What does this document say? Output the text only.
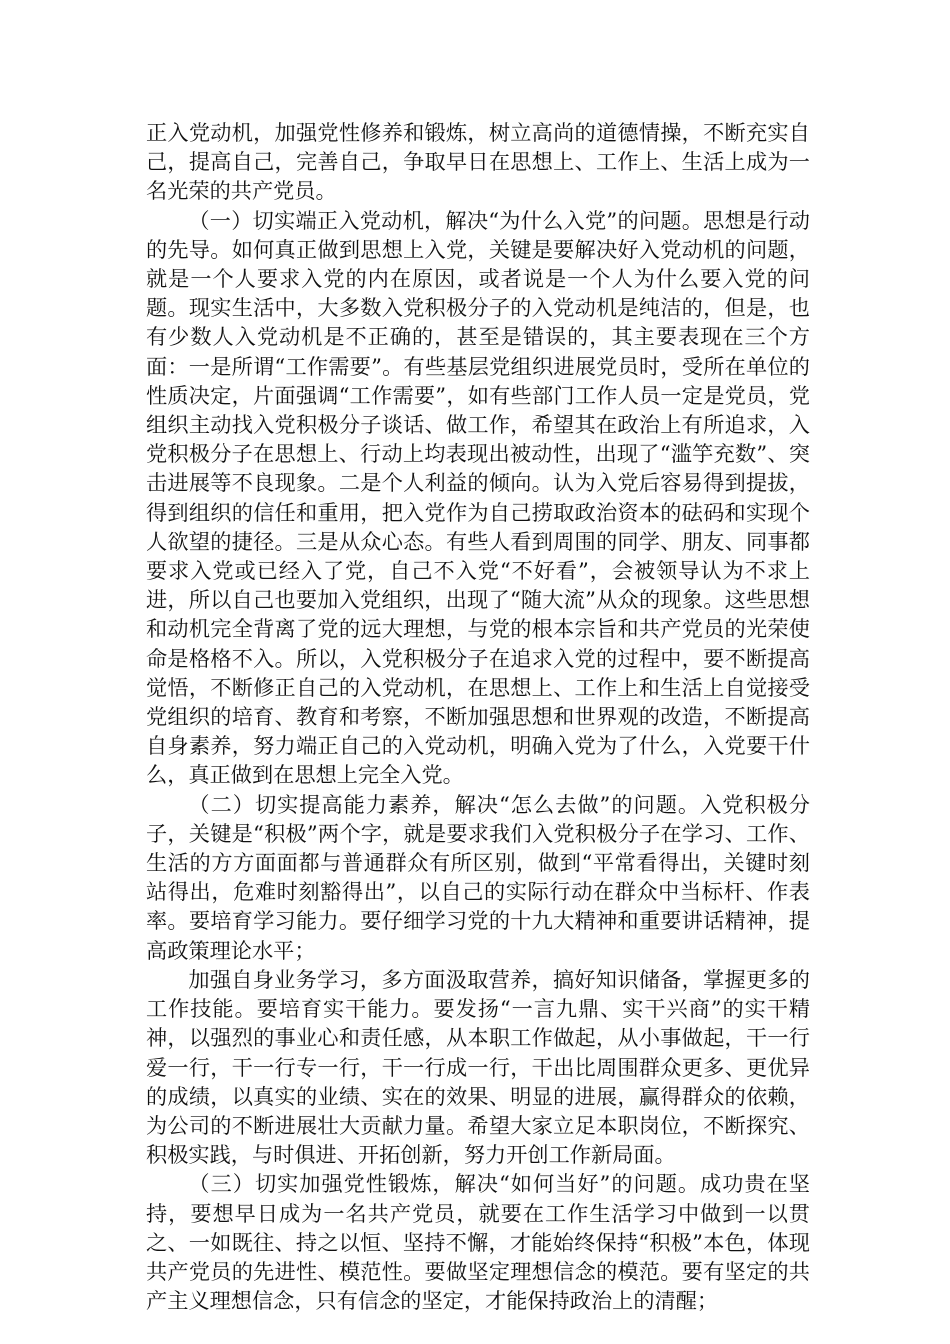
正入党动机，加强党性修养和锻炼，树立高尚的道德情操，不断充实自己，提高自己，完善自己，争取早日在思想上、工作上、生活上成为一名光荣的共产党员。

（一）切实端正入党动机，解决“为什么入党”的问题。思想是行动的先导。如何真正做到思想上入党，关键是要解决好入党动机的问题，就是一个人要求入党的内在原因，或者说是一个人为什么要入党的问题。现实生活中，大多数入党积极分子的入党动机是纯洁的，但是，也有少数人入党动机是不正确的，甚至是错误的，其主要表现在三个方面：一是所谓“工作需要”。有些基层党组织进展党员时，受所在单位的性质决定，片面强调“工作需要”，如有些部门工作人员一定是党员，党组织主动找入党积极分子谈话、做工作，希望其在政治上有所追求，入党积极分子在思想上、行动上均表现出被动性，出现了“滥竽充数”、突击进展等不良现象。二是个人利益的倾向。认为入党后容易得到提拔，得到组织的信任和重用，把入党作为自己捞取政治资本的砝码和实现个人欲望的捷径。三是从众心态。有些人看到周围的同学、朋友、同事都要求入党或已经入了党，自己不入党“不好看”，会被领导认为不求上进，所以自己也要加入党组织，出现了“随大流”从众的现象。这些思想和动机完全背离了党的远大理想，与党的根本宗旨和共产党员的光荣使命是格格不入。所以，入党积极分子在追求入党的过程中，要不断提高觉悟，不断修正自己的入党动机，在思想上、工作上和生活上自觉接受党组织的培育、教育和考察，不断加强思想和世界观的改造，不断提高自身素养，努力端正自己的入党动机，明确入党为了什么，入党要干什么，真正做到在思想上完全入党。

（二）切实提高能力素养，解决“怎么去做”的问题。入党积极分子，关键是“积极”两个字，就是要求我们入党积极分子在学习、工作、生活的方方面面都与普通群众有所区别，做到“平常看得出，关键时刻站得出，危难时刻豁得出”，以自己的实际行动在群众中当标杆、作表率。要培育学习能力。要仔细学习党的十九大精神和重要讲话精神，提高政策理论水平；

加强自身业务学习，多方面汲取营养，搞好知识储备，掌握更多的工作技能。要培育实干能力。要发扬“一言九鼎、实干兴商”的实干精神，以强烈的事业心和责任感，从本职工作做起，从小事做起，干一行爱一行，干一行专一行，干一行成一行，干出比周围群众更多、更优异的成绩，以真实的业绩、实在的效果、明显的进展，赢得群众的依赖，为公司的不断进展壮大贡献力量。希望大家立足本职岗位，不断探究、积极实践，与时俱进、开拓创新，努力开创工作新局面。

（三）切实加强党性锻炼，解决“如何当好”的问题。成功贵在坚持，要想早日成为一名共产党员，就要在工作生活学习中做到一以贯之、一如既往、持之以恒、坚持不懈，才能始终保持“积极”本色，体现共产党员的先进性、模范性。要做坚定理想信念的模范。要有坚定的共产主义理想信念，只有信念的坚定，才能保持政治上的清醒；
